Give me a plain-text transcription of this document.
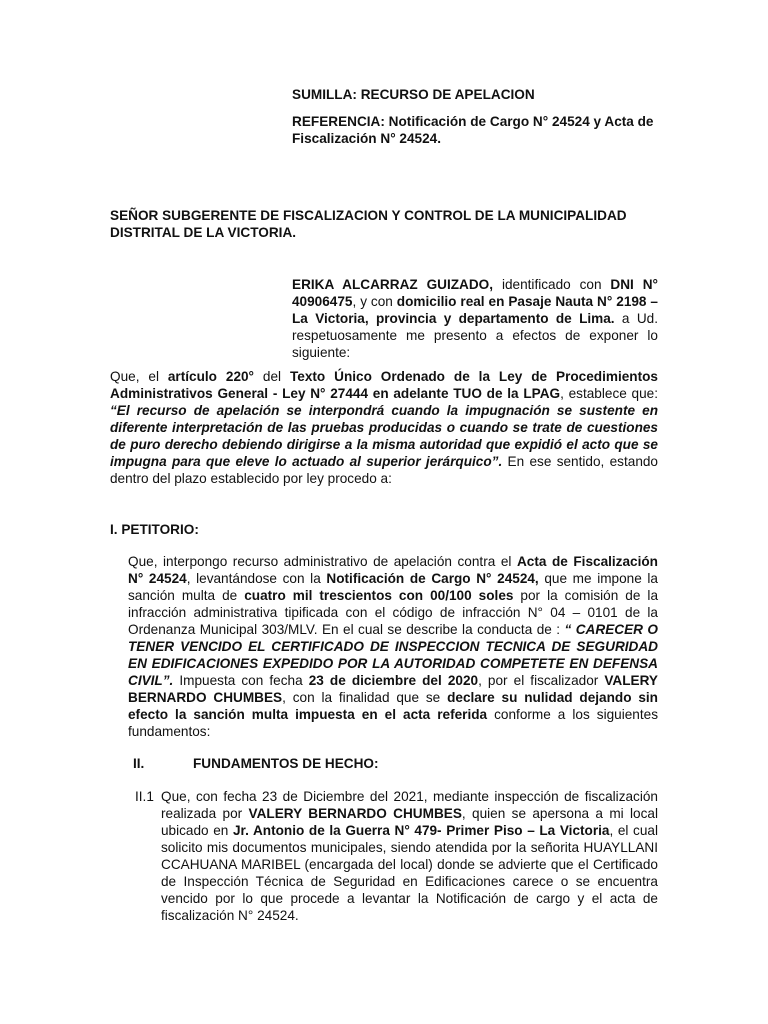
SUMILLA: RECURSO DE APELACION

REFERENCIA: Notificación de Cargo N° 24524 y Acta de Fiscalización N° 24524.

SEÑOR SUBGERENTE DE FISCALIZACION Y CONTROL DE LA MUNICIPALIDAD DISTRITAL DE LA VICTORIA.

ERIKA ALCARRAZ GUIZADO, identificado con DNI N° 40906475, y con domicilio real en Pasaje Nauta N° 2198 – La Victoria, provincia y departamento de Lima. a Ud. respetuosamente me presento a efectos de exponer lo siguiente:

Que, el artículo 220° del Texto Único Ordenado de la Ley de Procedimientos Administrativos General - Ley N° 27444 en adelante TUO de la LPAG, establece que: “El recurso de apelación se interpondrá cuando la impugnación se sustente en diferente interpretación de las pruebas producidas o cuando se trate de cuestiones de puro derecho debiendo dirigirse a la misma autoridad que expidió el acto que se impugna para que eleve lo actuado al superior jerárquico”. En ese sentido, estando dentro del plazo establecido por ley procedo a:

I. PETITORIO:

Que, interpongo recurso administrativo de apelación contra el Acta de Fiscalización N° 24524, levantándose con la Notificación de Cargo N° 24524, que me impone la sanción multa de cuatro mil trescientos con 00/100 soles por la comisión de la infracción administrativa tipificada con el código de infracción N° 04 – 0101 de la Ordenanza Municipal 303/MLV. En el cual se describe la conducta de : “ CARECER O TENER VENCIDO EL CERTIFICADO DE INSPECCION TECNICA DE SEGURIDAD EN EDIFICACIONES EXPEDIDO POR LA AUTORIDAD COMPETETE EN DEFENSA CIVIL”. Impuesta con fecha 23 de diciembre del 2020, por el fiscalizador VALERY BERNARDO CHUMBES, con la finalidad que se declare su nulidad dejando sin efecto la sanción multa impuesta en el acta referida conforme a los siguientes fundamentos:

II.	FUNDAMENTOS DE HECHO:

II.1 Que, con fecha 23 de Diciembre del 2021, mediante inspección de fiscalización realizada por VALERY BERNARDO CHUMBES, quien se apersona a mi local ubicado en Jr. Antonio de la Guerra N° 479- Primer Piso – La Victoria, el cual solicito mis documentos municipales, siendo atendida por la señorita HUAYLLANI CCAHUANA MARIBEL (encargada del local) donde se advierte que el Certificado de Inspección Técnica de Seguridad en Edificaciones carece o se encuentra vencido por lo que procede a levantar la Notificación de cargo y el acta de fiscalización N° 24524.
